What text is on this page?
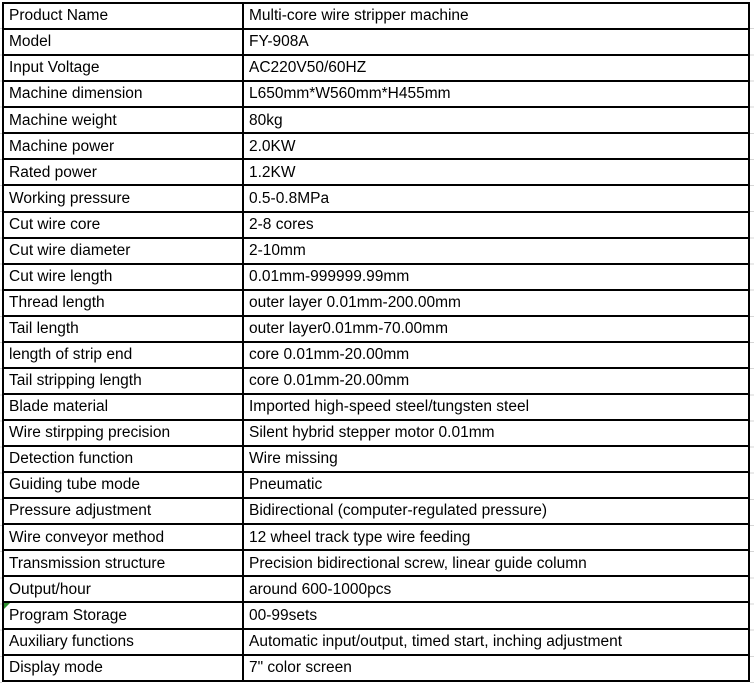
Product Name	Multi-core wire stripper machine
Model	FY-908A
Input Voltage	AC220V50/60HZ
Machine dimension	L650mm*W560mm*H455mm
Machine weight	80kg
Machine power	2.0KW
Rated power	1.2KW
Working pressure	0.5-0.8MPa
Cut wire core	2-8 cores
Cut wire diameter	2-10mm
Cut wire length	0.01mm-999999.99mm
Thread length	outer layer 0.01mm-200.00mm
Tail length	outer layer0.01mm-70.00mm
length of strip end	core 0.01mm-20.00mm
Tail stripping length	core 0.01mm-20.00mm
Blade material	Imported high-speed steel/tungsten steel
Wire stirpping precision	Silent hybrid stepper motor 0.01mm
Detection function	Wire missing
Guiding tube mode	Pneumatic
Pressure adjustment	Bidirectional (computer-regulated pressure)
Wire conveyor method	12 wheel track type wire feeding
Transmission structure	Precision bidirectional screw, linear guide column
Output/hour	around 600-1000pcs
Program Storage	00-99sets
Auxiliary functions	Automatic input/output, timed start, inching adjustment
Display mode	7" color screen
